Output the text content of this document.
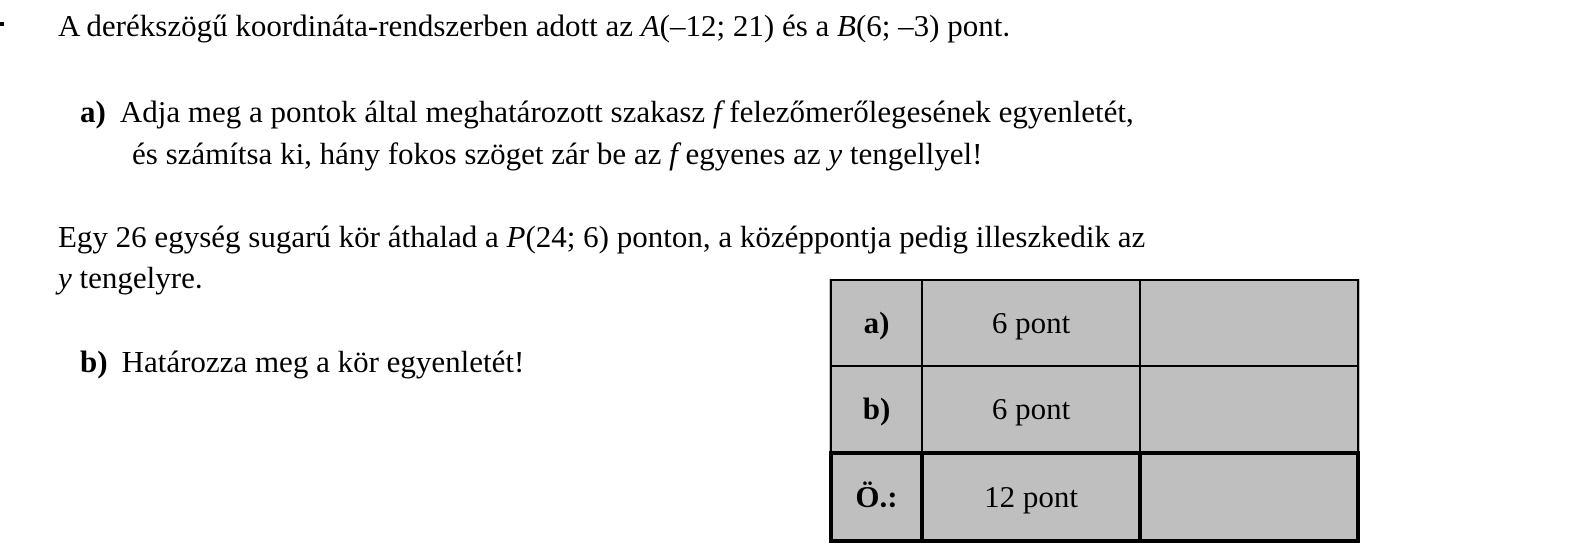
A derékszögű koordináta-rendszerben adott az A(–12; 21) és a B(6; –3) pont.
a) Adja meg a pontok által meghatározott szakasz f felezőmerőlegesének egyenletét,
és számítsa ki, hány fokos szöget zár be az f egyenes az y tengellyel!
Egy 26 egység sugarú kör áthalad a P(24; 6) ponton, a középpontja pedig illeszkedik az
y tengelyre.
b) Határozza meg a kör egyenletét!
a)	6 pont	
b)	6 pont	
Ö.:	12 pont	
